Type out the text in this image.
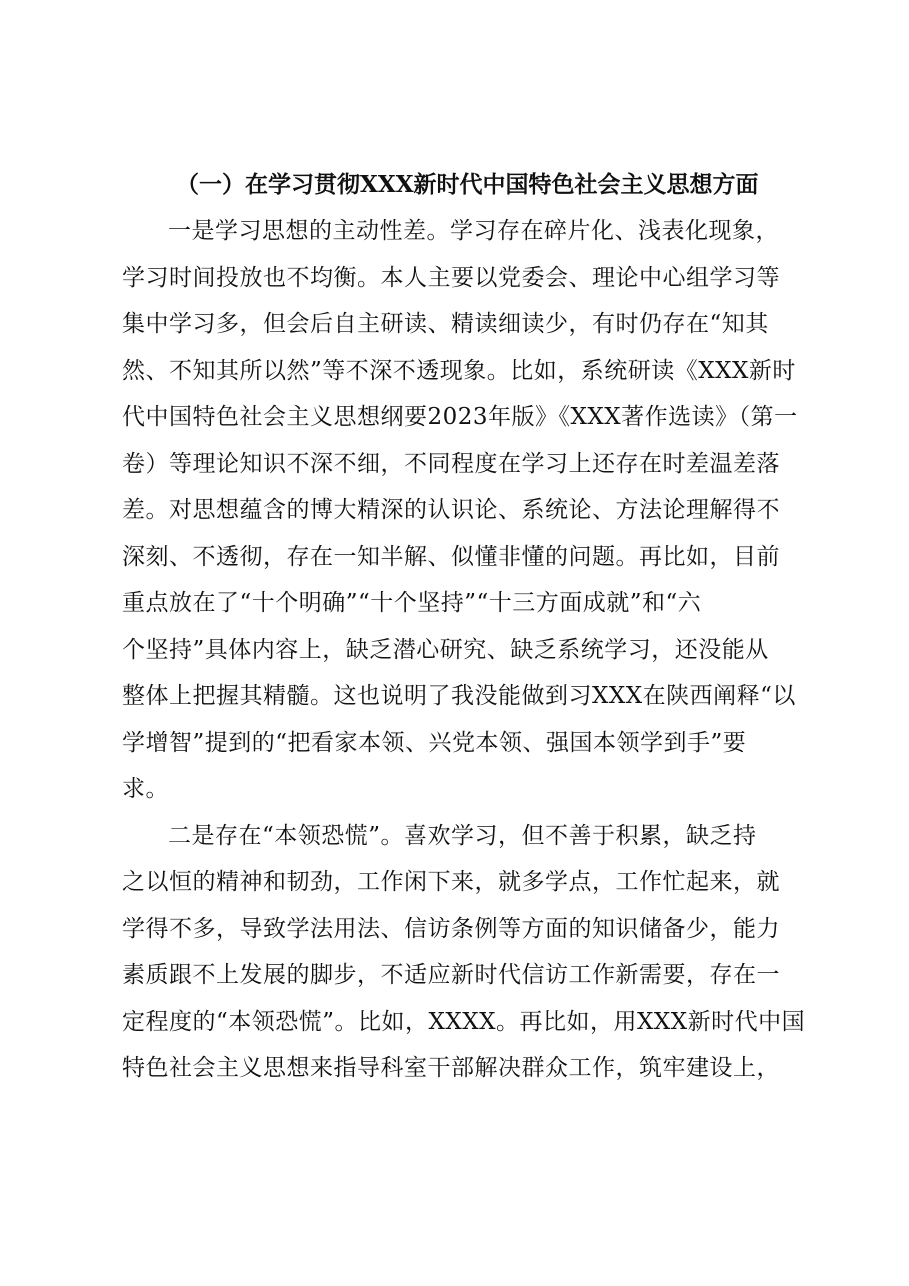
（一）在学习贯彻XXX新时代中国特色社会主义思想方面
一是学习思想的主动性差。学习存在碎片化、浅表化现象，
学习时间投放也不均衡。本人主要以党委会、理论中心组学习等
集中学习多，但会后自主研读、精读细读少，有时仍存在“知其
然、不知其所以然”等不深不透现象。比如，系统研读《XXX新时
代中国特色社会主义思想纲要2023年版》《XXX著作选读》（第一
卷）等理论知识不深不细，不同程度在学习上还存在时差温差落
差。对思想蕴含的博大精深的认识论、系统论、方法论理解得不
深刻、不透彻，存在一知半解、似懂非懂的问题。再比如，目前
重点放在了“十个明确”“十个坚持”“十三方面成就”和“六
个坚持”具体内容上，缺乏潜心研究、缺乏系统学习，还没能从
整体上把握其精髓。这也说明了我没能做到习XXX在陕西阐释“以
学增智”提到的“把看家本领、兴党本领、强国本领学到手”要
求。
二是存在“本领恐慌”。喜欢学习，但不善于积累，缺乏持
之以恒的精神和韧劲，工作闲下来，就多学点，工作忙起来，就
学得不多，导致学法用法、信访条例等方面的知识储备少，能力
素质跟不上发展的脚步，不适应新时代信访工作新需要，存在一
定程度的“本领恐慌”。比如，XXXX。再比如，用XXX新时代中国
特色社会主义思想来指导科室干部解决群众工作，筑牢建设上，
